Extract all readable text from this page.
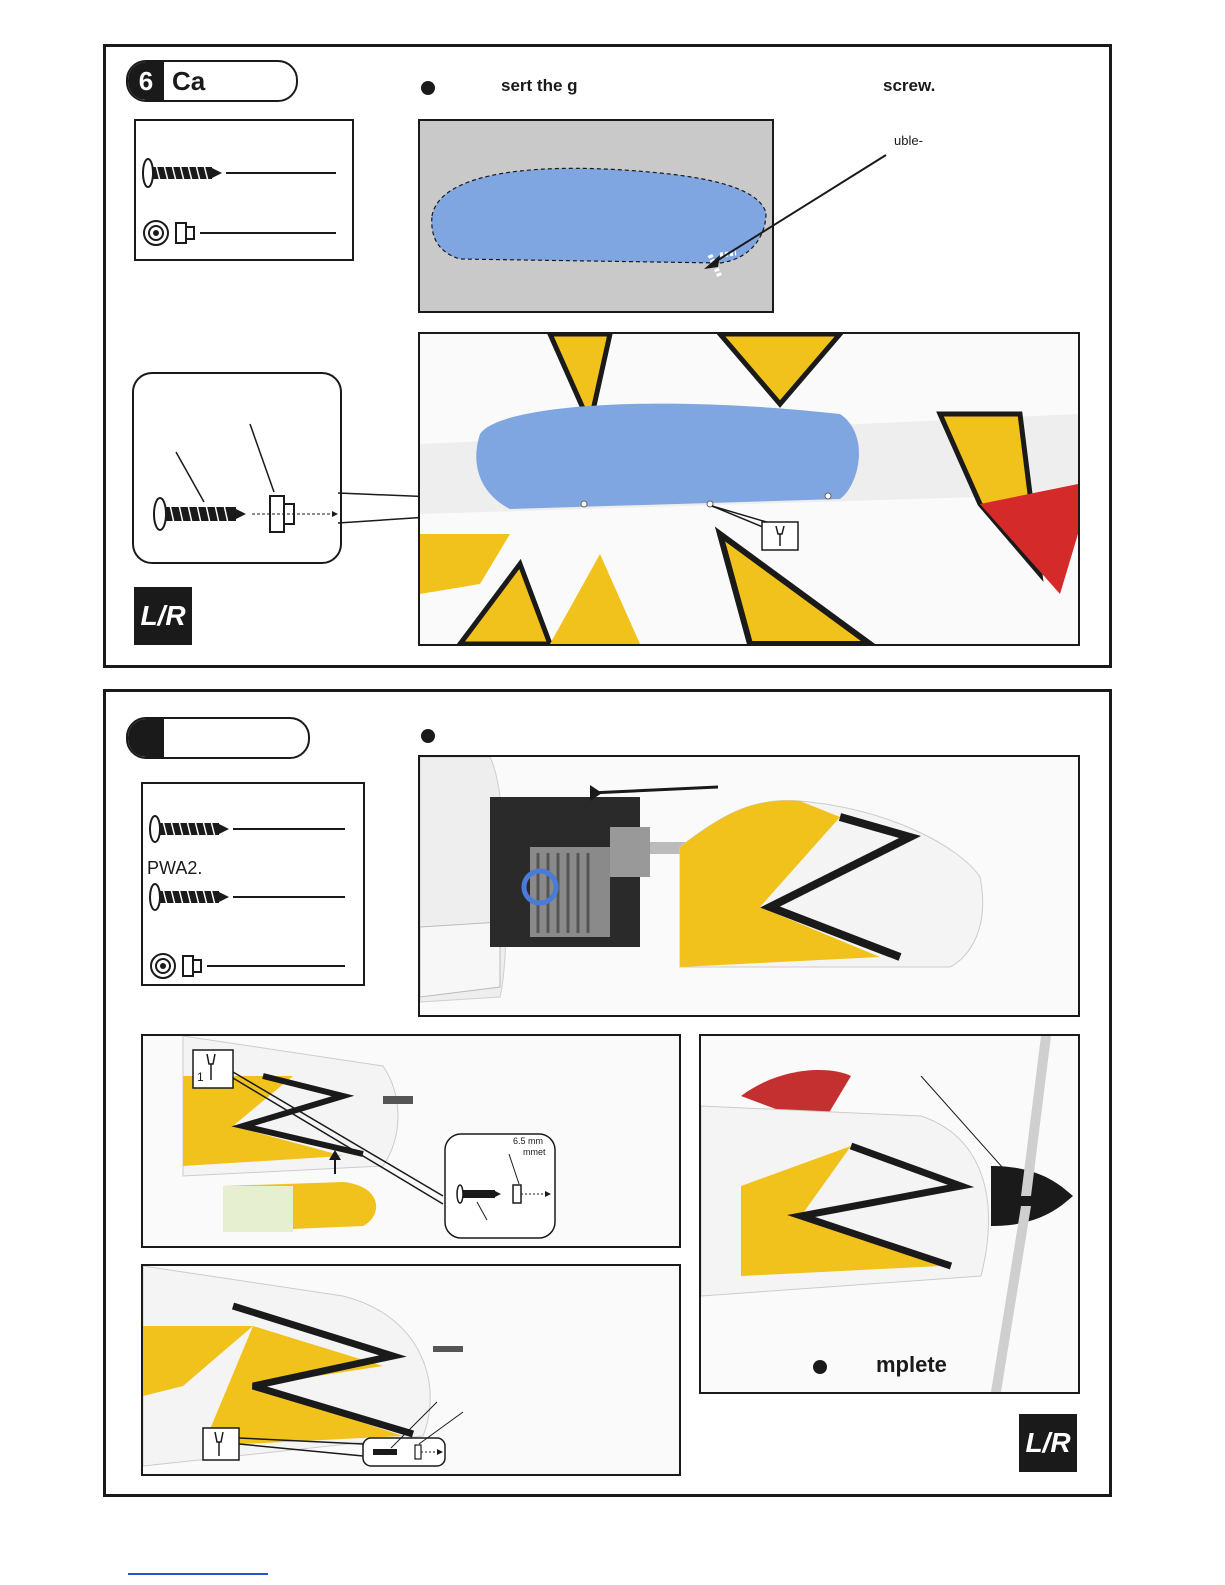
6 Ca	sert the g	screw.
uble-
L/R
PWA2.
1
6.5 mm
mmet
mplete
L/R
